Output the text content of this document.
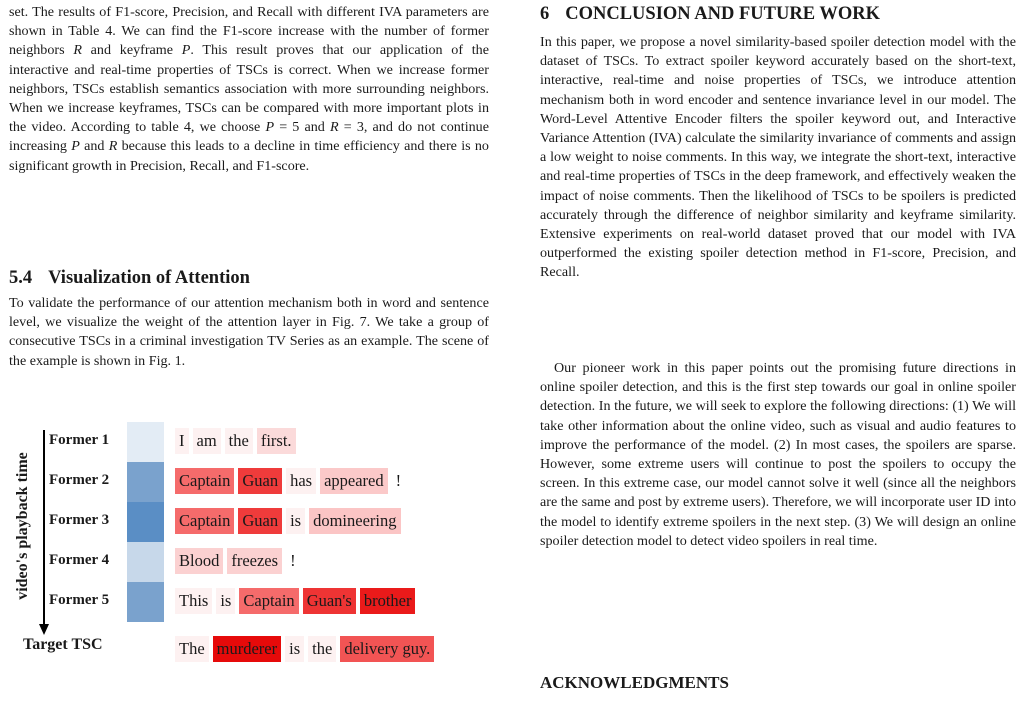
set. The results of F1-score, Precision, and Recall with different IVA parameters are shown in Table 4. We can find the F1-score increase with the number of former neighbors R and keyframe P. This result proves that our application of the interactive and real-time properties of TSCs is correct. When we increase former neighbors, TSCs establish semantics association with more surrounding neighbors. When we increase keyframes, TSCs can be compared with more important plots in the video. According to table 4, we choose P = 5 and R = 3, and do not continue increasing P and R because this leads to a decline in time efficiency and there is no significant growth in Precision, Recall, and F1-score.

5.4 Visualization of Attention

To validate the performance of our attention mechanism both in word and sentence level, we visualize the weight of the attention layer in Fig. 7. We take a group of consecutive TSCs in a criminal investigation TV Series as an example. The scene of the example is shown in Fig. 1.

video's playback time
Former 1	I am the first.
Former 2	Captain Guan has appeared !
Former 3	Captain Guan is domineering
Former 4	Blood freezes !
Former 5	This is Captain Guan's brother
Target TSC	The murderer is the delivery guy.
6 CONCLUSION AND FUTURE WORK

In this paper, we propose a novel similarity-based spoiler detection model with the dataset of TSCs. To extract spoiler keyword accurately based on the short-text, interactive, real-time and noise properties of TSCs, we introduce attention mechanism both in word encoder and sentence invariance level in our model. The Word-Level Attentive Encoder filters the spoiler keyword out, and Interactive Variance Attention (IVA) calculate the similarity invariance of comments and assign a low weight to noise comments. In this way, we integrate the short-text, interactive and real-time properties of TSCs in the deep framework, and effectively weaken the impact of noise comments. Then the likelihood of TSCs to be spoilers is predicted accurately through the difference of neighbor similarity and keyframe similarity. Extensive experiments on real-world dataset proved that our model with IVA outperformed the existing spoiler detection method in F1-score, Precision, and Recall.

Our pioneer work in this paper points out the promising future directions in online spoiler detection, and this is the first step towards our goal in online spoiler detection. In the future, we will seek to explore the following directions: (1) We will take other information about the online video, such as visual and audio features to improve the performance of the model. (2) In most cases, the spoilers are sparse. However, some extreme users will continue to post the spoilers to occupy the screen. In this extreme case, our model cannot solve it well (since all the neighbors are the same and post by extreme users). Therefore, we will incorporate user ID into the model to identify extreme spoilers in the next step. (3) We will design an online spoiler detection model to detect video spoilers in real time.

ACKNOWLEDGMENTS
